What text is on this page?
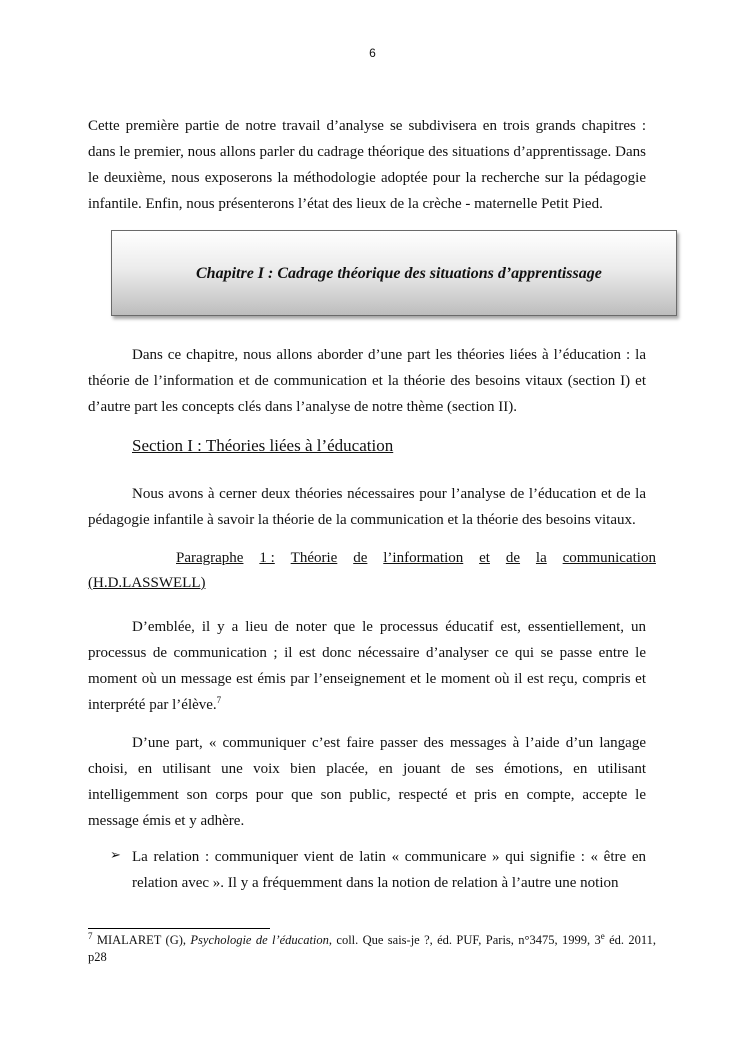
6

Cette première partie de notre travail d’analyse se subdivisera en trois grands chapitres : dans le premier, nous allons parler du cadrage théorique des situations d’apprentissage. Dans le deuxième, nous exposerons la méthodologie adoptée pour la recherche sur la pédagogie infantile. Enfin, nous présenterons l’état des lieux de la crèche - maternelle Petit Pied.

Chapitre I : Cadrage théorique des situations d’apprentissage

Dans ce chapitre, nous allons aborder d’une part les théories liées à l’éducation : la théorie de l’information et de communication et la théorie des besoins vitaux (section I) et d’autre part les concepts clés dans l’analyse de notre thème (section II).

Section I : Théories liées à l’éducation

Nous avons à cerner deux théories nécessaires pour l’analyse de l’éducation et de la pédagogie infantile à savoir la théorie de la communication et la théorie des besoins vitaux.

Paragraphe 1 : Théorie de l’information et de la communication
(H.D.LASSWELL)

D’emblée, il y a lieu de noter que le processus éducatif est, essentiellement, un processus de communication ; il est donc nécessaire d’analyser ce qui se passe entre le moment où un message est émis par l’enseignement et le moment où il est reçu, compris et interprété par l’élève.$^7$

D’une part, « communiquer c’est faire passer des messages à l’aide d’un langage choisi, en utilisant une voix bien placée, en jouant de ses émotions, en utilisant intelligemment son corps pour que son public, respecté et pris en compte, accepte le message émis et y adhère.

➢ La relation : communiquer vient de latin « communicare » qui signifie : « être en relation avec ». Il y a fréquemment dans la notion de relation à l’autre une notion

$^7$ MIALARET (G), Psychologie de l’éducation, coll. Que sais-je ?, éd. PUF, Paris, n°3475, 1999, 3e éd. 2011, p28
